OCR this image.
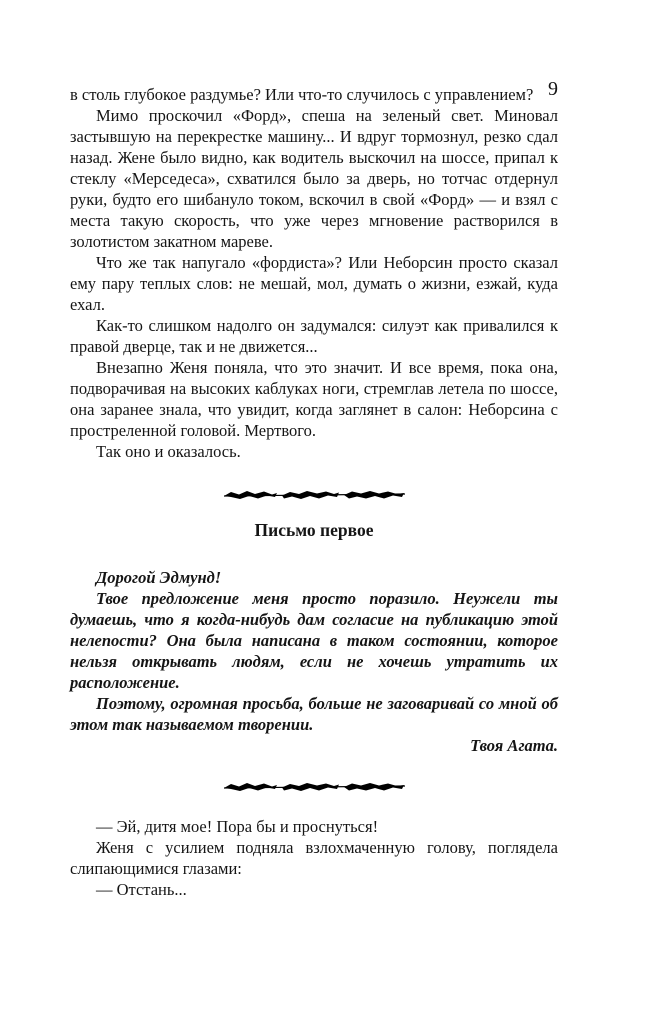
9

в столь глубокое раздумье? Или что-то случилось с управлением?

Мимо проскочил «Форд», спеша на зеленый свет. Миновал застывшую на перекрестке машину... И вдруг тормознул, резко сдал назад. Жене было видно, как водитель выскочил на шоссе, припал к стеклу «Мерседеса», схватился было за дверь, но тотчас отдернул руки, будто его шибануло током, вскочил в свой «Форд» — и взял с места такую скорость, что уже через мгновение растворился в золотистом закатном мареве.

Что же так напугало «фордиста»? Или Неборсин просто сказал ему пару теплых слов: не мешай, мол, думать о жизни, езжай, куда ехал.

Как-то слишком надолго он задумался: силуэт как привалился к правой дверце, так и не движется...

Внезапно Женя поняла, что это значит. И все время, пока она, подворачивая на высоких каблуках ноги, стремглав летела по шоссе, она заранее знала, что увидит, когда заглянет в салон: Неборсина с простреленной головой. Мертвого.

Так оно и оказалось.

Письмо первое

Дорогой Эдмунд!

Твое предложение меня просто поразило. Неужели ты думаешь, что я когда-нибудь дам согласие на публикацию этой нелепости? Она была написана в таком состоянии, которое нельзя открывать людям, если не хочешь утратить их расположение.

Поэтому, огромная просьба, больше не заговаривай со мной об этом так называемом творении.

Твоя Агата.

— Эй, дитя мое! Пора бы и проснуться!

Женя с усилием подняла взлохмаченную голову, поглядела слипающимися глазами:

— Отстань...
